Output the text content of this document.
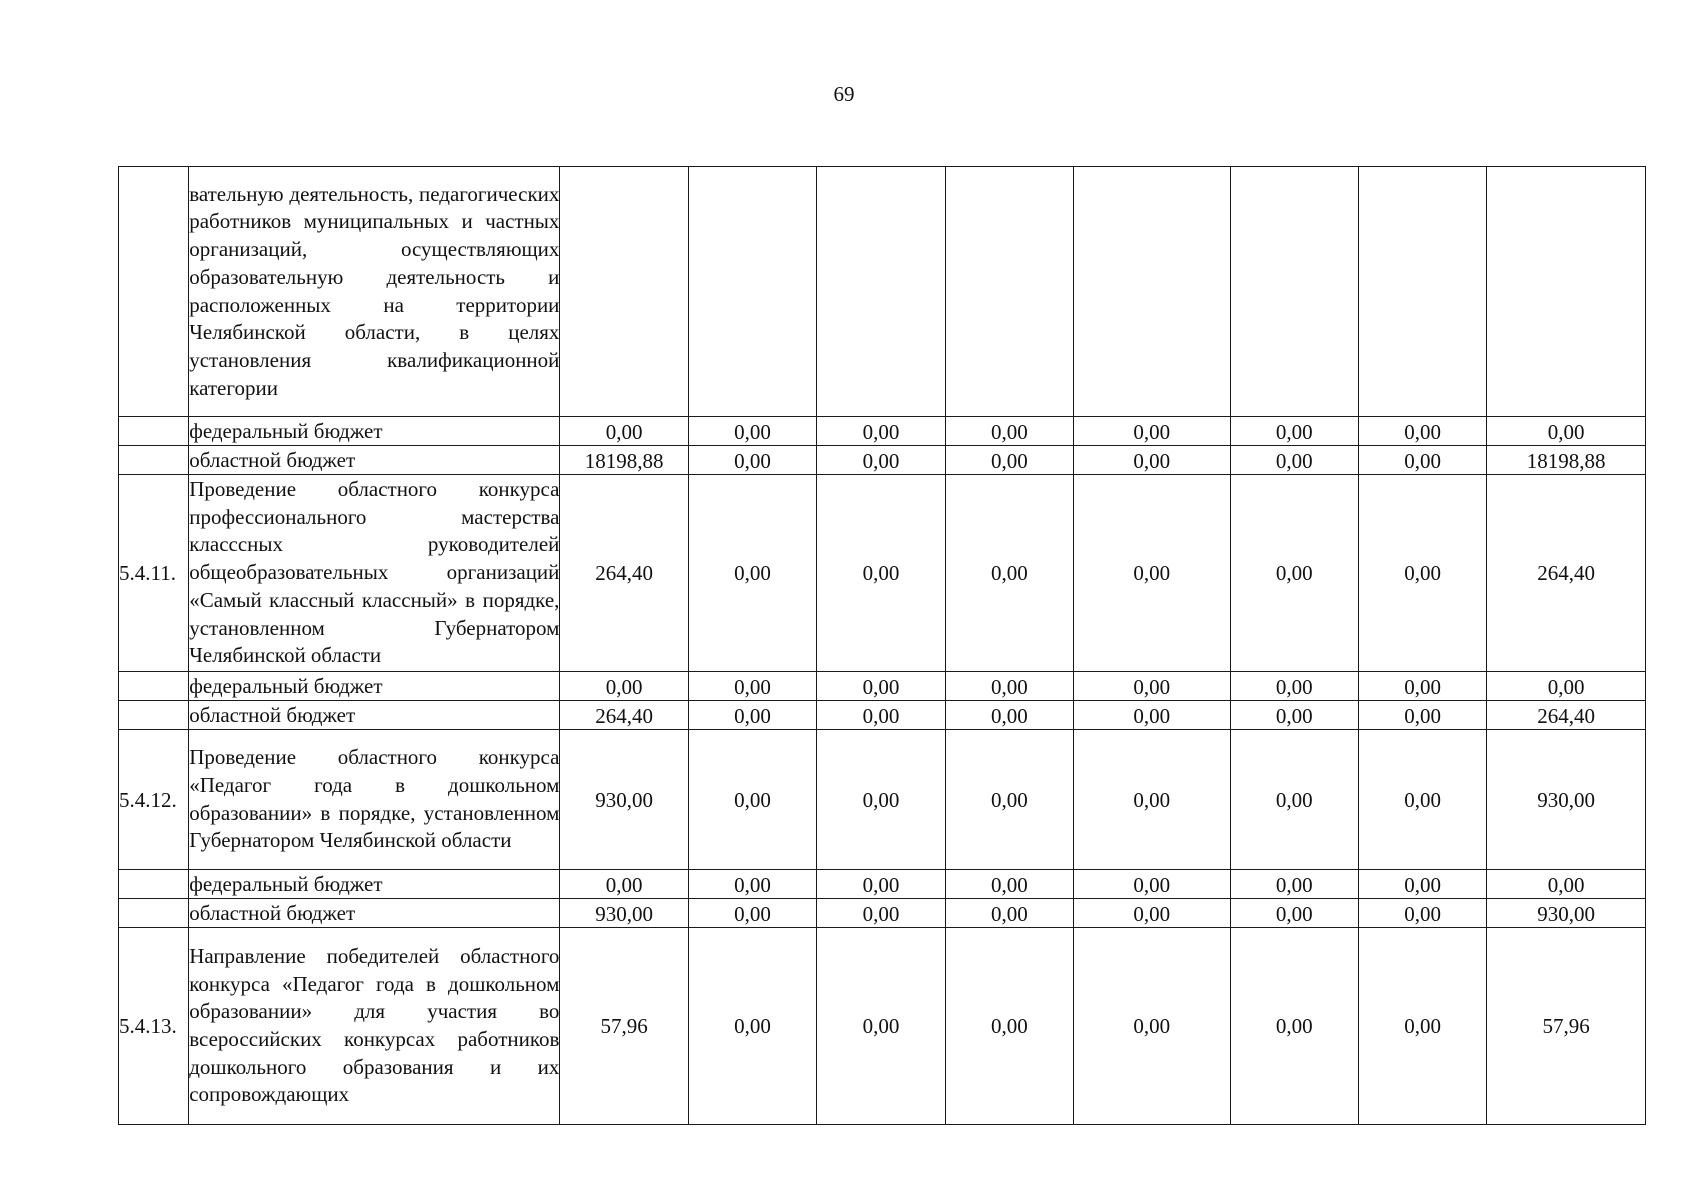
69
	вательную деятельность, педагогических работников муниципальных и частных организаций, осуществляющих образовательную деятельность и расположенных на территории Челябинской области, в целях установления квалификационной категории								
	федеральный бюджет	0,00	0,00	0,00	0,00	0,00	0,00	0,00	0,00
	областной бюджет	18198,88	0,00	0,00	0,00	0,00	0,00	0,00	18198,88
5.4.11.	Проведение областного конкурса профессионального мастерства класссных руководителей общеобразовательных организаций «Самый классный классный» в порядке, установленном Губернатором Челябинской области	264,40	0,00	0,00	0,00	0,00	0,00	0,00	264,40
	федеральный бюджет	0,00	0,00	0,00	0,00	0,00	0,00	0,00	0,00
	областной бюджет	264,40	0,00	0,00	0,00	0,00	0,00	0,00	264,40
5.4.12.	Проведение областного конкурса «Педагог года в дошкольном образовании» в порядке, установленном Губернатором Челябинской области	930,00	0,00	0,00	0,00	0,00	0,00	0,00	930,00
	федеральный бюджет	0,00	0,00	0,00	0,00	0,00	0,00	0,00	0,00
	областной бюджет	930,00	0,00	0,00	0,00	0,00	0,00	0,00	930,00
5.4.13.	Направление победителей областного конкурса «Педагог года в дошкольном образовании» для участия во всероссийских конкурсах работников дошкольного образования и их сопровождающих	57,96	0,00	0,00	0,00	0,00	0,00	0,00	57,96
